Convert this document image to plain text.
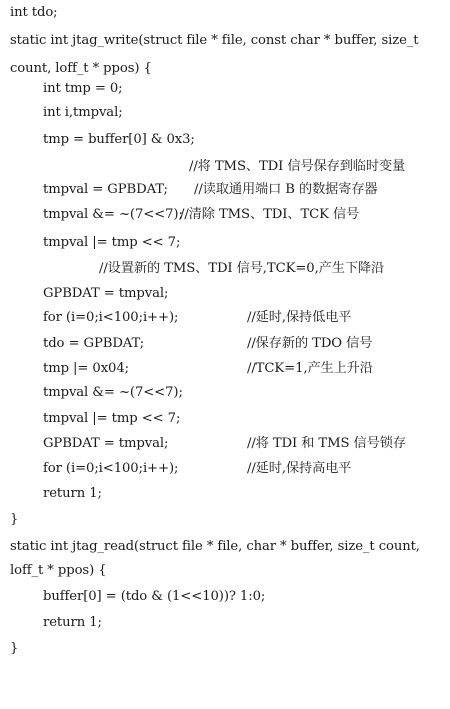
int tdo;

static int jtag_write(struct file * file, const char * buffer, size_t

count, loff_t * ppos) {

int tmp = 0;

int i,tmpval;

tmp = buffer[0] & 0x3;

//将 TMS、TDI 信号保存到临时变量

tmpval = GPBDAT;

//读取通用端口 B 的数据寄存器

tmpval &= ~(7<<7);

//清除 TMS、TDI、TCK 信号

tmpval |= tmp << 7;

//设置新的 TMS、TDI 信号,TCK=0,产生下降沿

GPBDAT = tmpval;

for (i=0;i<100;i++);

	//延时,保持低电平

tdo = GPBDAT;

	//保存新的 TDO 信号

tmp |= 0x04;

	//TCK=1,产生上升沿

tmpval &= ~(7<<7);

tmpval |= tmp << 7;

GPBDAT = tmpval;

	//将 TDI 和 TMS 信号锁存

for (i=0;i<100;i++);

	//延时,保持高电平

return 1;

}

static int jtag_read(struct file * file, char * buffer, size_t count,

loff_t * ppos) {

buffer[0] = (tdo & (1<<10))? 1:0;

return 1;

}
